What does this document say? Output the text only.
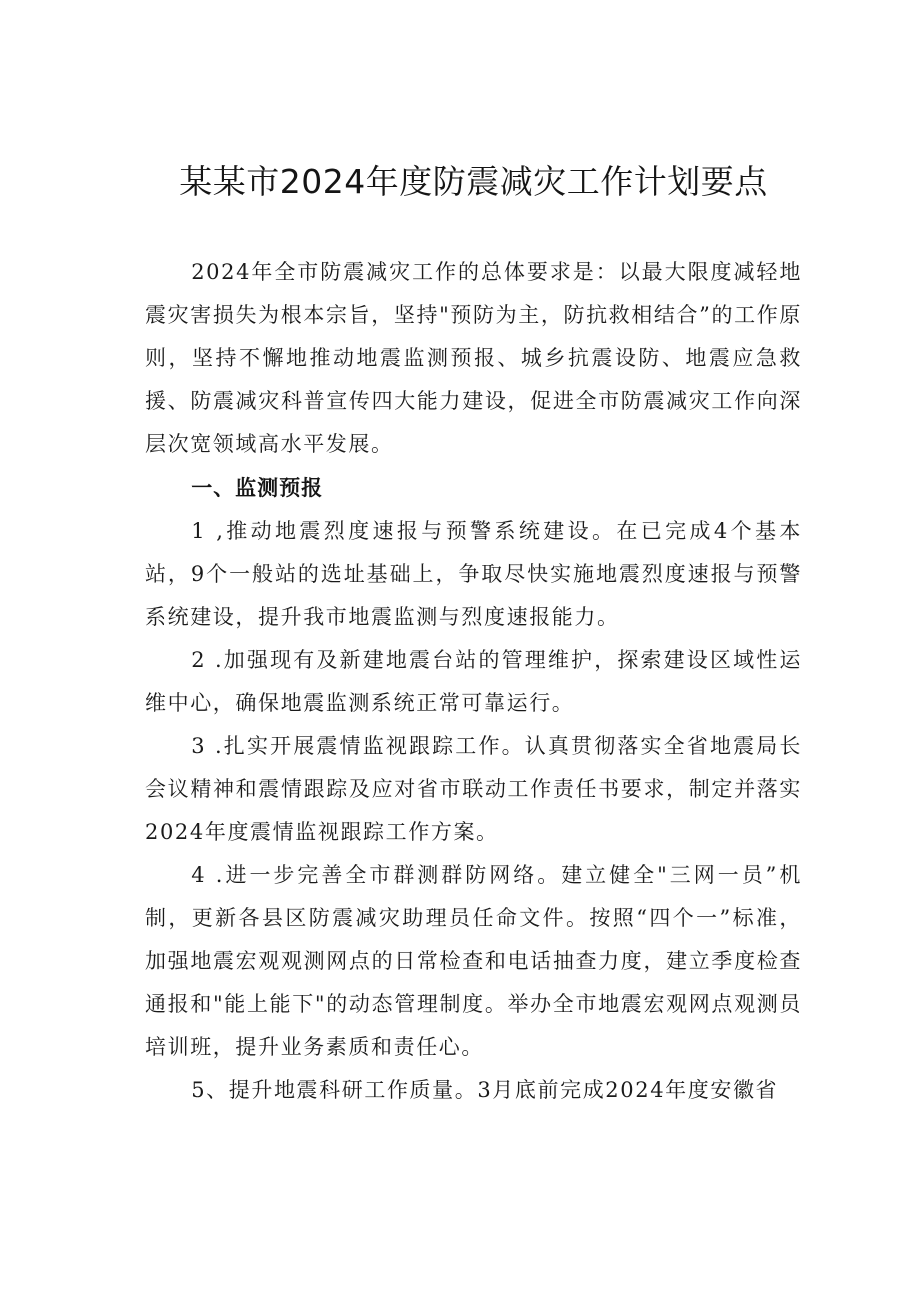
某某市2024年度防震减灾工作计划要点

2024年全市防震减灾工作的总体要求是：以最大限度减轻地震灾害损失为根本宗旨，坚持"预防为主，防抗救相结合”的工作原则，坚持不懈地推动地震监测预报、城乡抗震设防、地震应急救援、防震减灾科普宣传四大能力建设，促进全市防震减灾工作向深层次宽领域高水平发展。

一、监测预报

1 ,推动地震烈度速报与预警系统建设。在已完成4个基本站，9个一般站的选址基础上，争取尽快实施地震烈度速报与预警系统建设，提升我市地震监测与烈度速报能力。

2 .加强现有及新建地震台站的管理维护，探索建设区域性运维中心，确保地震监测系统正常可靠运行。

3 .扎实开展震情监视跟踪工作。认真贯彻落实全省地震局长会议精神和震情跟踪及应对省市联动工作责任书要求，制定并落实2024年度震情监视跟踪工作方案。

4 .进一步完善全市群测群防网络。建立健全"三网一员”机制，更新各县区防震减灾助理员任命文件。按照“四个一”标准，加强地震宏观观测网点的日常检查和电话抽查力度，建立季度检查通报和"能上能下"的动态管理制度。举办全市地震宏观网点观测员培训班，提升业务素质和责任心。

5、提升地震科研工作质量。3月底前完成2024年度安徽省
